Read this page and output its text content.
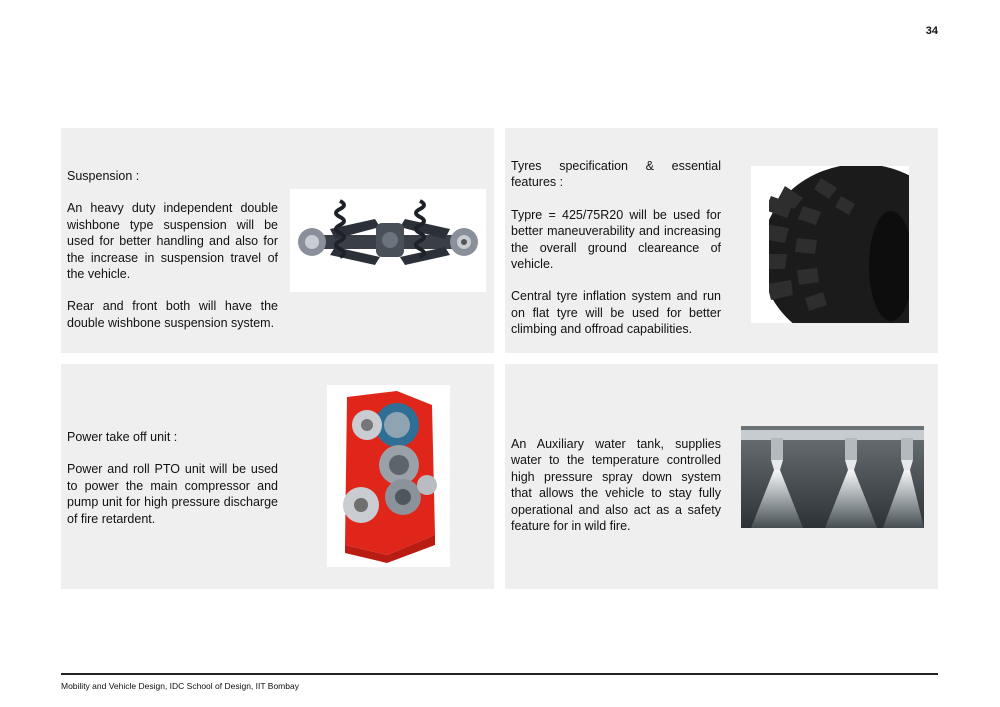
34

Suspension :

An heavy duty independent double wishbone type suspension will be used for better handling and also for the increase in suspension travel of the vehicle.

Rear and front both will have the double wishbone suspension system.

Tyres specification & essential features :

Typre = 425/75R20 will be used for better maneuverability and increasing the overall ground cleareance of vehicle.

Central tyre inflation system and run on flat tyre will be used for better climbing and offroad capabilities.

Power take off unit :

Power and roll PTO unit will be used to power the main compressor and pump unit for high pressure discharge of fire retardent.

An Auxiliary water tank, supplies water to the temperature controlled high pressure spray down system that allows the vehicle to stay fully operational and also act as a safety feature for in wild fire.

Mobility and Vehicle Design, IDC School of Design, IIT Bombay
